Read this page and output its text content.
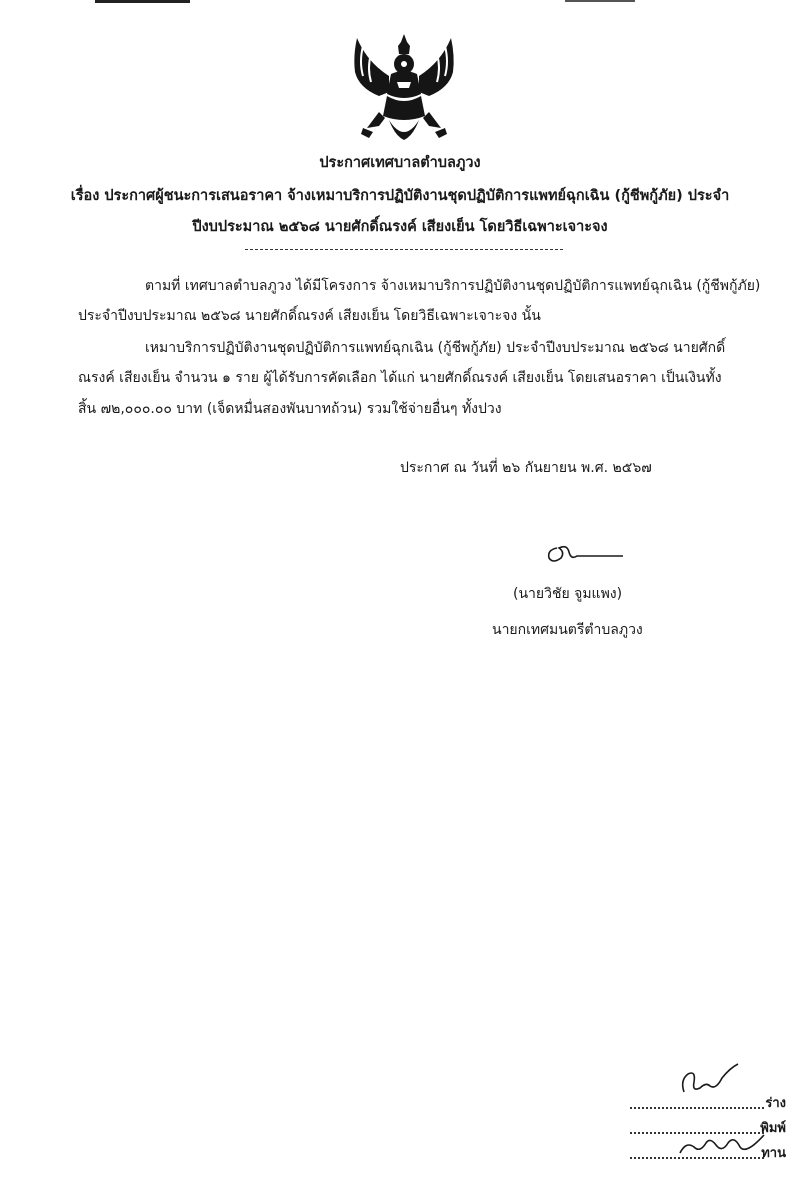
ประกาศเทศบาลตำบลภูวง
เรื่อง ประกาศผู้ชนะการเสนอราคา จ้างเหมาบริการปฏิบัติงานชุดปฏิบัติการแพทย์ฉุกเฉิน (กู้ชีพกู้ภัย) ประจำ
ปีงบประมาณ ๒๕๖๘ นายศักดิ์ณรงค์ เสียงเย็น โดยวิธีเฉพาะเจาะจง
ตามที่ เทศบาลตำบลภูวง ได้มีโครงการ จ้างเหมาบริการปฏิบัติงานชุดปฏิบัติการแพทย์ฉุกเฉิน (กู้ชีพกู้ภัย)
ประจำปีงบประมาณ ๒๕๖๘ นายศักดิ์ณรงค์ เสียงเย็น โดยวิธีเฉพาะเจาะจง นั้น
เหมาบริการปฏิบัติงานชุดปฏิบัติการแพทย์ฉุกเฉิน (กู้ชีพกู้ภัย) ประจำปีงบประมาณ ๒๕๖๘ นายศักดิ์
ณรงค์ เสียงเย็น จำนวน ๑ ราย ผู้ได้รับการคัดเลือก ได้แก่ นายศักดิ์ณรงค์ เสียงเย็น โดยเสนอราคา เป็นเงินทั้ง
สิ้น ๗๒,๐๐๐.๐๐ บาท (เจ็ดหมื่นสองพันบาทถ้วน) รวมใช้จ่ายอื่นๆ ทั้งปวง
ประกาศ ณ วันที่ ๒๖ กันยายน พ.ศ. ๒๕๖๗
(นายวิชัย จูมแพง)
นายกเทศมนตรีตำบลภูวง
ร่าง
พิมพ์
ทาน
